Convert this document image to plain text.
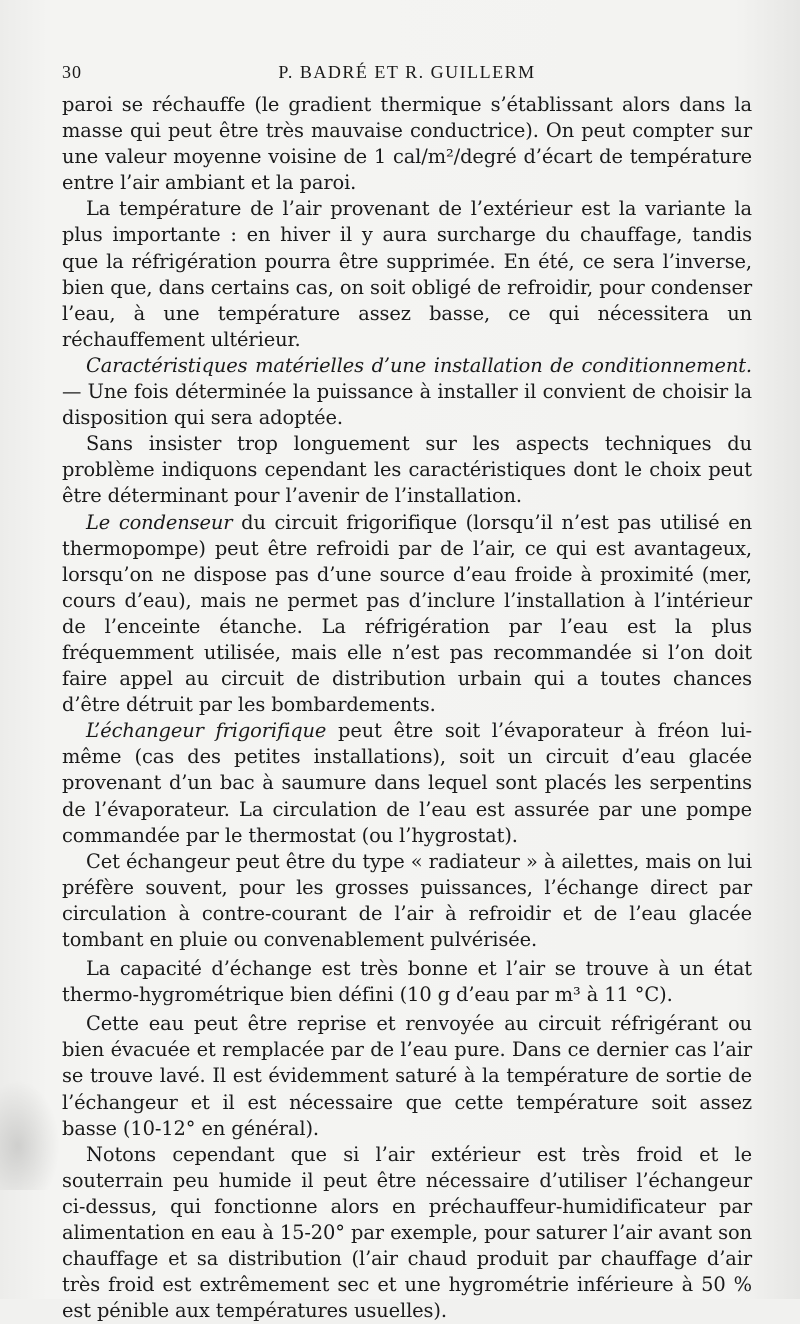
30	P. BADRÉ ET R. GUILLERM

paroi se réchauffe (le gradient thermique s’établissant alors dans la masse qui peut être très mauvaise conductrice). On peut compter sur une valeur moyenne voisine de 1 cal/m²/degré d’écart de température entre l’air ambiant et la paroi.

La température de l’air provenant de l’extérieur est la variante la plus importante : en hiver il y aura surcharge du chauffage, tandis que la réfrigération pourra être supprimée. En été, ce sera l’inverse, bien que, dans certains cas, on soit obligé de refroidir, pour condenser l’eau, à une température assez basse, ce qui nécessitera un réchauffement ultérieur.

Caractéristiques matérielles d’une installation de conditionnement. — Une fois déterminée la puissance à installer il convient de choisir la disposition qui sera adoptée.

Sans insister trop longuement sur les aspects techniques du problème indiquons cependant les caractéristiques dont le choix peut être déterminant pour l’avenir de l’installation.

Le condenseur du circuit frigorifique (lorsqu’il n’est pas utilisé en thermopompe) peut être refroidi par de l’air, ce qui est avantageux, lorsqu’on ne dispose pas d’une source d’eau froide à proximité (mer, cours d’eau), mais ne permet pas d’inclure l’installation à l’intérieur de l’enceinte étanche. La réfrigération par l’eau est la plus fréquemment utilisée, mais elle n’est pas recommandée si l’on doit faire appel au circuit de distribution urbain qui a toutes chances d’être détruit par les bombardements.

L’échangeur frigorifique peut être soit l’évaporateur à fréon lui-même (cas des petites installations), soit un circuit d’eau glacée provenant d’un bac à saumure dans lequel sont placés les serpentins de l’évaporateur. La circulation de l’eau est assurée par une pompe commandée par le thermostat (ou l’hygrostat).

Cet échangeur peut être du type « radiateur » à ailettes, mais on lui préfère souvent, pour les grosses puissances, l’échange direct par circulation à contre-courant de l’air à refroidir et de l’eau glacée tombant en pluie ou convenablement pulvérisée.

La capacité d’échange est très bonne et l’air se trouve à un état thermo-hygrométrique bien défini (10 g d’eau par m³ à 11 °C).

Cette eau peut être reprise et renvoyée au circuit réfrigérant ou bien évacuée et remplacée par de l’eau pure. Dans ce dernier cas l’air se trouve lavé. Il est évidemment saturé à la température de sortie de l’échangeur et il est nécessaire que cette température soit assez basse (10-12° en général).

Notons cependant que si l’air extérieur est très froid et le souterrain peu humide il peut être nécessaire d’utiliser l’échangeur ci-dessus, qui fonctionne alors en préchauffeur-humidificateur par alimentation en eau à 15-20° par exemple, pour saturer l’air avant son chauffage et sa distribution (l’air chaud produit par chauffage d’air très froid est extrêmement sec et une hygrométrie inférieure à 50 % est pénible aux températures usuelles).
